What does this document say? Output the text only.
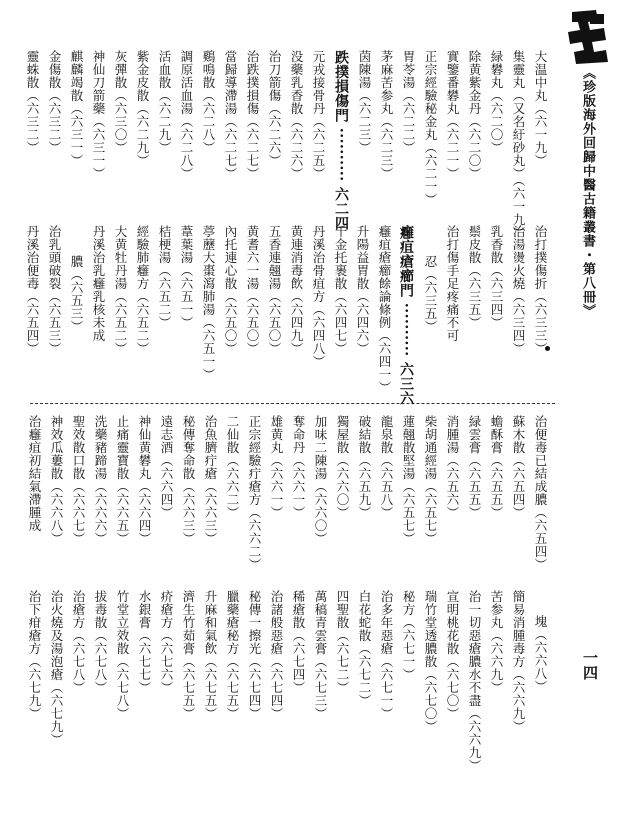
《珍版海外回歸中醫古籍叢書・第八冊》
一四
大温中丸（六一九）
集靈丸（又名紆砂丸）（六一九）
緑礬丸（六二〇）
除黄紫金丹（六二〇）
實鑒番礬丸（六二一）
正宗經驗秘金丸（六二一）
胃苓湯（六二二）
茅麻苦参丸（六二三）
茵陳湯（六二三）
跌撲損傷門 ·········· 六二四
元戎接骨丹（六二五）
没藥乳香散（六二六）
治刀箭傷（六二六）
治跌撲損傷（六二七）
當歸導滯湯（六二七）
鷄鳴散（六二八）
調原活血湯（六二八）
活血散（六二九）
紫金皮散（六二九）
灰彈散（六三〇）
神仙刀箭藥（六三一）
麒麟竭散（六三一）
金傷散（六三二）
靈蛛散（六三二）
治打撲傷折（六三三）
治湯燙火燒（六三四）
乳香散（六三四）
鬃皮散（六三五）
治打傷手足疼痛不可
忍（六三五）
癰疽瘡癤門 ·········· 六三六
癰疽瘡癤餘論條例（六四一）
升陽益胃散（六四六）
千金托裹散（六四七）
丹溪治骨疽方（六四八）
黄連消毒飲（六四九）
五香連翹湯（六五〇）
黄耆六一湯（六五〇）
內托連心散（六五〇）
葶藶大棗瀉肺湯（六五一）
葦葉湯（六五一）
桔梗湯（六五二）
經驗肺癰方（六五二）
大黄牡丹湯（六五二）
丹溪治乳癰乳核未成
膿（六五三）
治乳頭破裂（六五三）
丹溪治便毒（六五四）
治便毒已結成膿（六五四）
蘇木散（六五四）
蟾酥膏（六五五）
緑雲膏（六五五）
消腫湯（六五六）
柴胡通經湯（六五七）
蓮翹散堅湯（六五七）
龍泉散（六五八）
破結散（六五九）
獨屋散（六六〇）
加味二陳湯（六六〇）
奪命丹（六六一）
雄黄丸（六六一）
正宗經驗疔瘡方（六六二）
二仙散（六六二）
治魚臍疔瘡（六六三）
秘傳奪命散（六六三）
遠志酒（六六四）
神仙黄礬丸（六六四）
止痛靈寶散（六六五）
洗藥豬蹄湯（六六六）
聖效散口散（六六七）
神效瓜蔞散（六六八）
治癰疽初結氣滯腫成
塊（六六八）
簡易消腫毒方（六六九）
苦参丸（六六九）
治一切惡瘡膿水不盡（六六九）
宣明桃花散（六七〇）
瑞竹堂透膿散（六七〇）
秘方（六七一）
治多年惡瘡（六七一）
白花蛇散（六七二）
四聖散（六七二）
萬稿青雲膏（六七三）
稀瘡散（六七四）
治諸般惡瘡（六七四）
秘傳一擦光（六七四）
臘藥瘡秘方（六七五）
升麻和氣飲（六七五）
濟生竹茹膏（六七五）
疥瘡方（六七六）
水銀膏（六七七）
竹堂立效散（六七八）
拔毒散（六七八）
治瘡方（六七八）
治火燒及湯泡瘡（六七九）
治下疳瘡方（六七九）
